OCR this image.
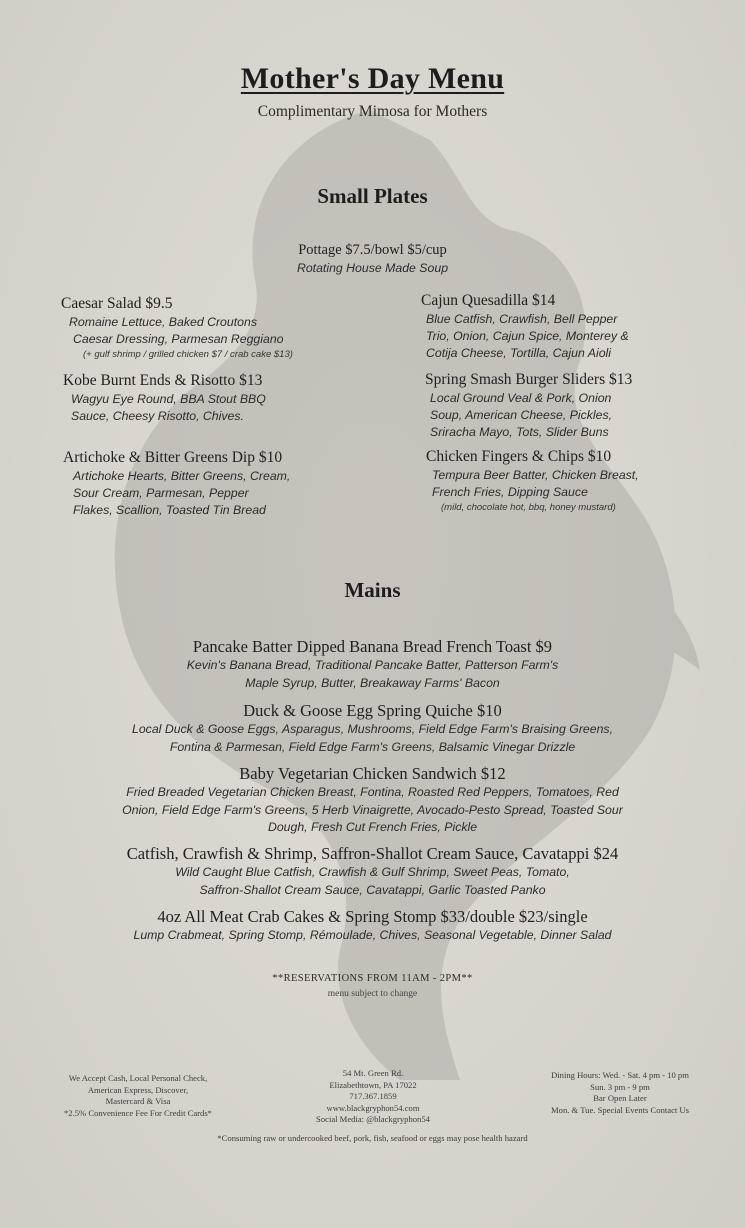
Mother's Day Menu
Complimentary Mimosa for Mothers
Small Plates
Pottage $7.5/bowl $5/cup
Rotating House Made Soup
Caesar Salad $9.5
Romaine Lettuce, Baked Croutons
Caesar Dressing, Parmesan Reggiano
(+ gulf shrimp / grilled chicken $7 / crab cake $13)
Kobe Burnt Ends & Risotto $13
Wagyu Eye Round, BBA Stout BBQ
Sauce, Cheesy Risotto, Chives.
Artichoke & Bitter Greens Dip $10
Artichoke Hearts, Bitter Greens, Cream,
Sour Cream, Parmesan, Pepper
Flakes, Scallion, Toasted Tin Bread
Cajun Quesadilla $14
Blue Catfish, Crawfish, Bell Pepper
Trio, Onion, Cajun Spice, Monterey &
Cotija Cheese, Tortilla, Cajun Aioli
Spring Smash Burger Sliders $13
Local Ground Veal & Pork, Onion
Soup, American Cheese, Pickles,
Sriracha Mayo, Tots, Slider Buns
Chicken Fingers & Chips $10
Tempura Beer Batter, Chicken Breast,
French Fries, Dipping Sauce
(mild, chocolate hot, bbq, honey mustard)
Mains
Pancake Batter Dipped Banana Bread French Toast $9
Kevin's Banana Bread, Traditional Pancake Batter, Patterson Farm's
Maple Syrup, Butter, Breakaway Farms' Bacon
Duck & Goose Egg Spring Quiche $10
Local Duck & Goose Eggs, Asparagus, Mushrooms, Field Edge Farm's Braising Greens,
Fontina & Parmesan, Field Edge Farm's Greens, Balsamic Vinegar Drizzle
Baby Vegetarian Chicken Sandwich $12
Fried Breaded Vegetarian Chicken Breast, Fontina, Roasted Red Peppers, Tomatoes, Red
Onion, Field Edge Farm's Greens, 5 Herb Vinaigrette, Avocado-Pesto Spread, Toasted Sour
Dough, Fresh Cut French Fries, Pickle
Catfish, Crawfish & Shrimp, Saffron-Shallot Cream Sauce, Cavatappi $24
Wild Caught Blue Catfish, Crawfish & Gulf Shrimp, Sweet Peas, Tomato,
Saffron-Shallot Cream Sauce, Cavatappi, Garlic Toasted Panko
4oz All Meat Crab Cakes & Spring Stomp $33/double $23/single
Lump Crabmeat, Spring Stomp, Rémoulade, Chives, Seasonal Vegetable, Dinner Salad
**RESERVATIONS FROM 11AM - 2PM**
menu subject to change
We Accept Cash, Local Personal Check,
American Express, Discover,
Mastercard & Visa
*2.5% Convenience Fee For Credit Cards*
54 Mt. Green Rd.
Elizabethtown, PA 17022
717.367.1859
www.blackgryphon54.com
Social Media: @blackgryphon54
Dining Hours: Wed. - Sat. 4 pm - 10 pm
Sun. 3 pm - 9 pm
Bar Open Later
Mon. & Tue. Special Events Contact Us
*Consuming raw or undercooked beef, pork, fish, seafood or eggs may pose health hazard
